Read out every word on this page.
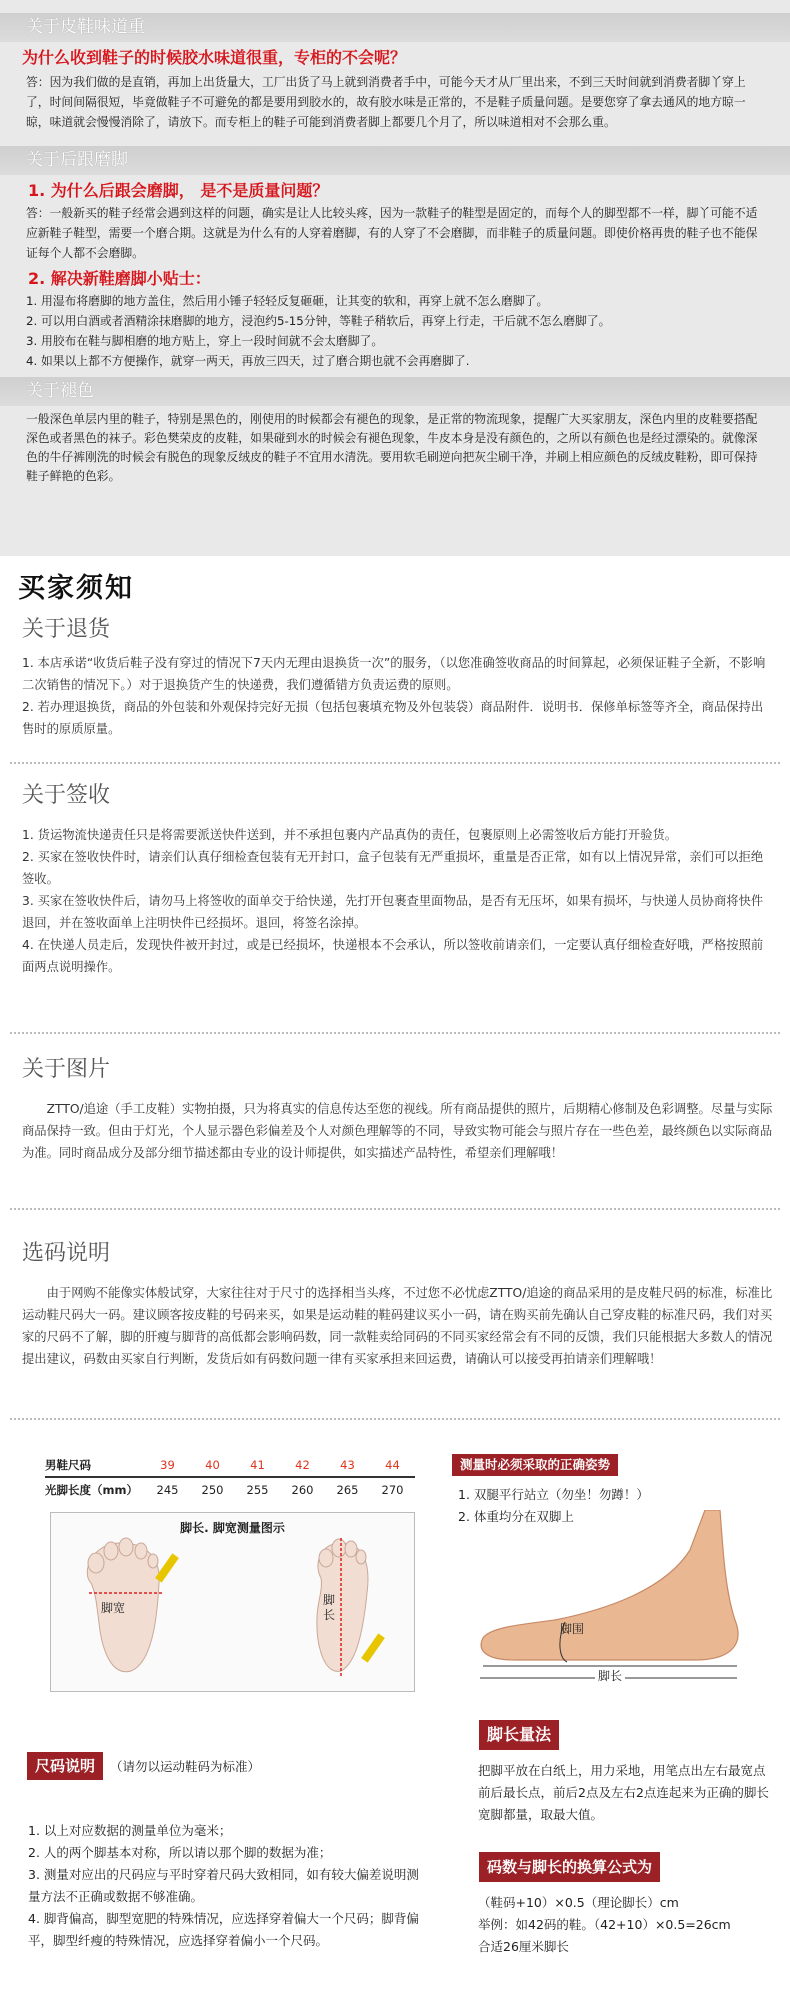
关于皮鞋味道重
为什么收到鞋子的时候胶水味道很重，专柜的不会呢？

答：因为我们做的是直销，再加上出货量大，工厂出货了马上就到消费者手中，可能今天才从厂里出来，不到三天时间就到消费者脚丫穿上了，时间间隔很短，毕竟做鞋子不可避免的都是要用到胶水的，故有胶水味是正常的，不是鞋子质量问题。是要您穿了拿去通风的地方晾一晾，味道就会慢慢消除了，请放下。而专柜上的鞋子可能到消费者脚上都要几个月了，所以味道相对不会那么重。

关于后跟磨脚
1. 为什么后跟会磨脚， 是不是质量问题？

答：一般新买的鞋子经常会遇到这样的问题，确实是让人比较头疼，因为一款鞋子的鞋型是固定的，而每个人的脚型都不一样，脚丫可能不适应新鞋子鞋型，需要一个磨合期。这就是为什么有的人穿着磨脚，有的人穿了不会磨脚，而非鞋子的质量问题。即使价格再贵的鞋子也不能保证每个人都不会磨脚。

2. 解决新鞋磨脚小贴士：
1. 用湿布将磨脚的地方盖住，然后用小锤子轻轻反复砸砸，让其变的软和，再穿上就不怎么磨脚了。
2. 可以用白酒或者酒精涂抹磨脚的地方，浸泡约5-15分钟，等鞋子稍软后，再穿上行走，干后就不怎么磨脚了。
3. 用胶布在鞋与脚相磨的地方贴上，穿上一段时间就不会太磨脚了。
4. 如果以上都不方便操作，就穿一两天，再放三四天，过了磨合期也就不会再磨脚了.
关于褪色

一般深色单层内里的鞋子，特别是黑色的，刚使用的时候都会有褪色的现象，是正常的物流现象，提醒广大买家朋友，深色内里的皮鞋要搭配深色或者黑色的袜子。彩色樊荣皮的皮鞋，如果碰到水的时候会有褪色现象，牛皮本身是没有颜色的，之所以有颜色也是经过漂染的。就像深色的牛仔裤刚洗的时候会有脱色的现象反绒皮的鞋子不宜用水清洗。要用软毛刷逆向把灰尘刷干净，并刷上相应颜色的反绒皮鞋粉，即可保持鞋子鲜艳的色彩。

买家须知
关于退货
1. 本店承诺“收货后鞋子没有穿过的情况下7天内无理由退换货一次”的服务，（以您准确签收商品的时间算起，必须保证鞋子全新，不影响二次销售的情况下。）对于退换货产生的快递费，我们遵循错方负责运费的原则。
2. 若办理退换货，商品的外包装和外观保持完好无损（包括包裹填充物及外包装袋）商品附件．说明书．保修单标签等齐全，商品保持出售时的原质原量。
关于签收
1. 货运物流快递责任只是将需要派送快件送到，并不承担包裹内产品真伪的责任，包裹原则上必需签收后方能打开验货。
2. 买家在签收快件时，请亲们认真仔细检查包装有无开封口，盒子包装有无严重损坏，重量是否正常，如有以上情况异常，亲们可以拒绝签收。
3. 买家在签收快件后，请勿马上将签收的面单交于给快递，先打开包裹查里面物品，是否有无压坏，如果有损坏，与快递人员协商将快件退回，并在签收面单上注明快件已经损坏。退回，将签名涂掉。
4. 在快递人员走后，发现快件被开封过，或是已经损坏，快递根本不会承认，所以签收前请亲们，一定要认真仔细检查好哦，严格按照前面两点说明操作。
关于图片
ZTTO/追途（手工皮鞋）实物拍摄，只为将真实的信息传达至您的视线。所有商品提供的照片，后期精心修制及色彩调整。尽量与实际商品保持一致。但由于灯光，个人显示器色彩偏差及个人对颜色理解等的不同，导致实物可能会与照片存在一些色差，最终颜色以实际商品为准。同时商品成分及部分细节描述都由专业的设计师提供，如实描述产品特性，希望亲们理解哦！
选码说明
由于网购不能像实体般试穿，大家往往对于尺寸的选择相当头疼，不过您不必忧虑ZTTO/追途的商品采用的是皮鞋尺码的标准，标准比运动鞋尺码大一码。建议顾客按皮鞋的号码来买，如果是运动鞋的鞋码建议买小一码，请在购买前先确认自己穿皮鞋的标准尺码，我们对买家的尺码不了解，脚的肝瘦与脚背的高低都会影响码数，同一款鞋卖给同码的不同买家经常会有不同的反馈，我们只能根据大多数人的情况提出建议，码数由买家自行判断，发货后如有码数问题一律有买家承担来回运费，请确认可以接受再拍请亲们理解哦！
男鞋尺码	39	40	41	42	43	44
光脚长度（mm）	245	250	255	260	265	270
脚长. 脚宽测量图示
脚宽
脚长
测量时必须采取的正确姿势
1. 双腿平行站立（勿坐！勿蹲！）
2. 体重均分在双脚上
脚围
脚长
尺码说明	（请勿以运动鞋码为标准）
1. 以上对应数据的测量单位为毫米；
2. 人的两个脚基本对称，所以请以那个脚的数据为准；
3. 测量对应出的尺码应与平时穿着尺码大致相同，如有较大偏差说明测量方法不正确或数据不够准确。
4. 脚背偏高，脚型宽肥的特殊情况，应选择穿着偏大一个尺码；脚背偏平，脚型纤瘦的特殊情况，应选择穿着偏小一个尺码。
脚长量法
把脚平放在白纸上，用力采地，用笔点出左右最宽点前后最长点，前后2点及左右2点连起来为正确的脚长宽脚都量，取最大值。
码数与脚长的换算公式为
（鞋码+10）×0.5（理论脚长）cm
举例：如42码的鞋。（42+10）×0.5=26cm
合适26厘米脚长
